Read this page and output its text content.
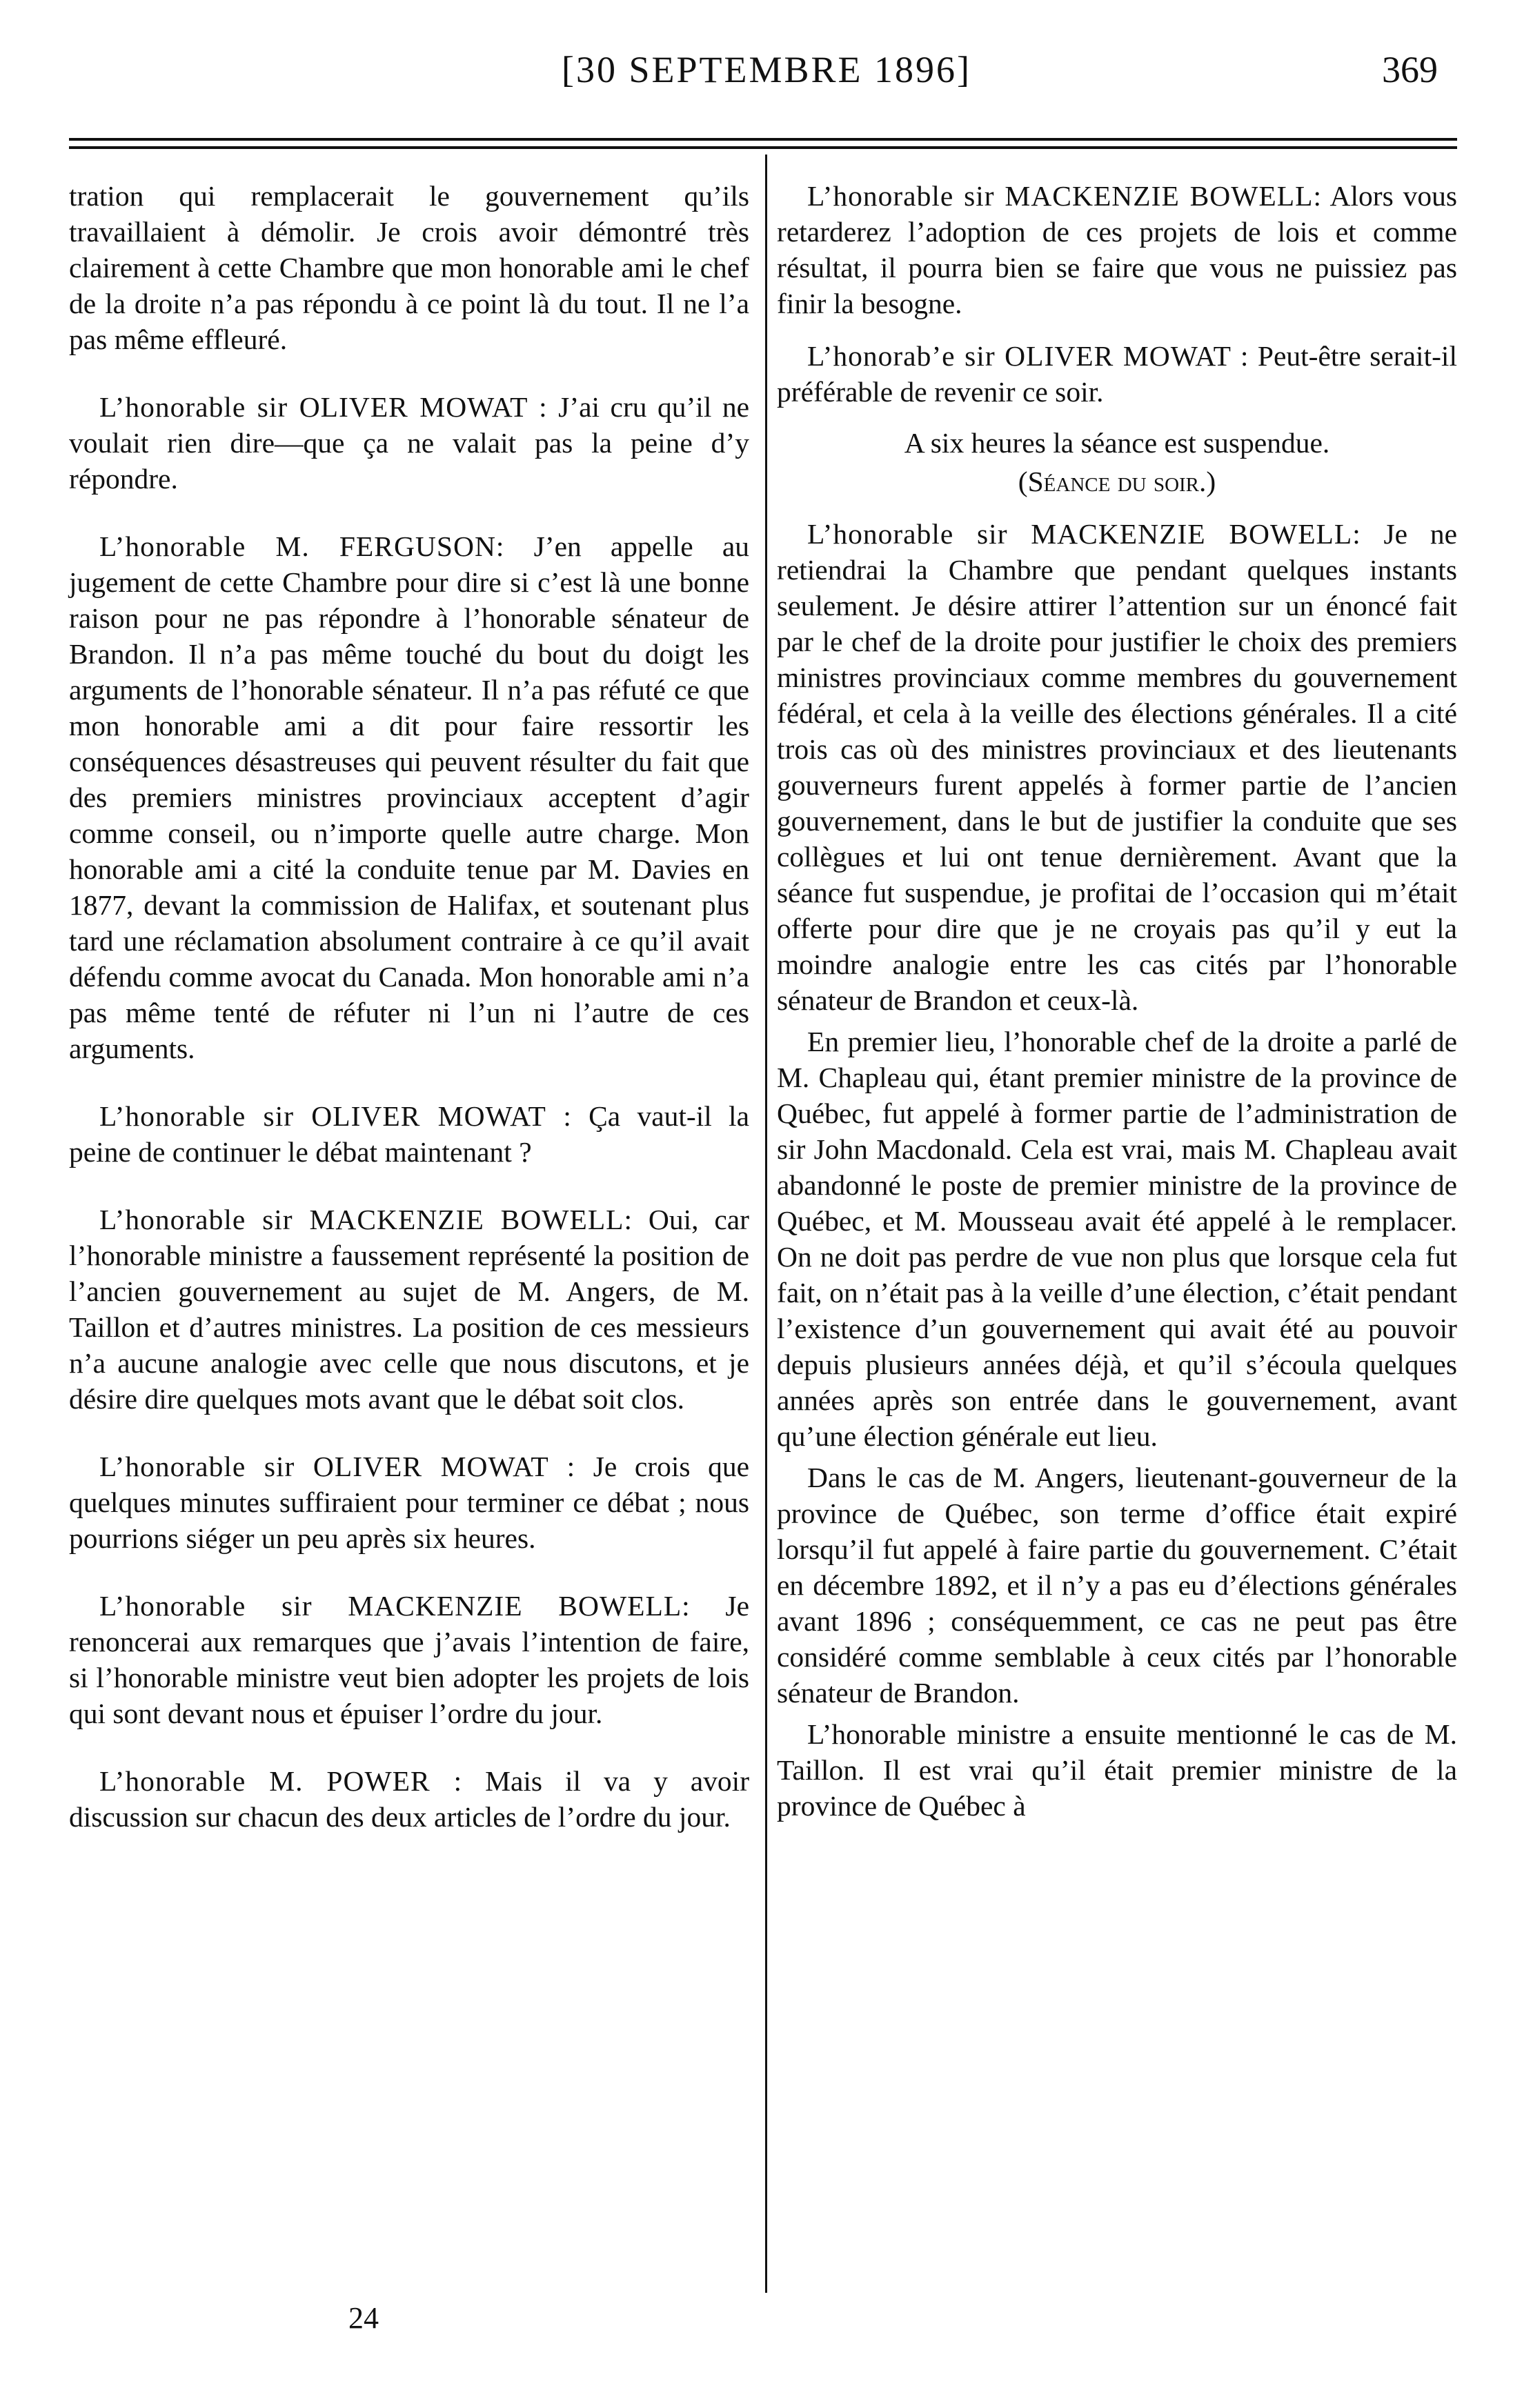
[30 SEPTEMBRE 1896]	369

tration qui remplacerait le gouvernement qu’ils travaillaient à démolir. Je crois avoir démontré très clairement à cette Chambre que mon honorable ami le chef de la droite n’a pas répondu à ce point là du tout. Il ne l’a pas même effleuré.

L’honorable sir OLIVER MOWAT : J’ai cru qu’il ne voulait rien dire—que ça ne valait pas la peine d’y répondre.

L’honorable M. FERGUSON: J’en appelle au jugement de cette Chambre pour dire si c’est là une bonne raison pour ne pas répondre à l’honorable sénateur de Brandon. Il n’a pas même touché du bout du doigt les arguments de l’honorable sénateur. Il n’a pas réfuté ce que mon honorable ami a dit pour faire ressortir les conséquences désastreuses qui peuvent résulter du fait que des premiers ministres provinciaux acceptent d’agir comme conseil, ou n’importe quelle autre charge. Mon honorable ami a cité la conduite tenue par M. Davies en 1877, devant la commission de Halifax, et soutenant plus tard une réclamation absolument contraire à ce qu’il avait défendu comme avocat du Canada. Mon honorable ami n’a pas même tenté de réfuter ni l’un ni l’autre de ces arguments.

L’honorable sir OLIVER MOWAT : Ça vaut-il la peine de continuer le débat maintenant ?

L’honorable sir MACKENZIE BOWELL: Oui, car l’honorable ministre a faussement représenté la position de l’ancien gouvernement au sujet de M. Angers, de M. Taillon et d’autres ministres. La position de ces messieurs n’a aucune analogie avec celle que nous discutons, et je désire dire quelques mots avant que le débat soit clos.

L’honorable sir OLIVER MOWAT : Je crois que quelques minutes suffiraient pour terminer ce débat ; nous pourrions siéger un peu après six heures.

L’honorable sir MACKENZIE BOWELL: Je renoncerai aux remarques que j’avais l’intention de faire, si l’honorable ministre veut bien adopter les projets de lois qui sont devant nous et épuiser l’ordre du jour.

L’honorable M. POWER : Mais il va y avoir discussion sur chacun des deux articles de l’ordre du jour.

L’honorable sir MACKENZIE BOWELL: Alors vous retarderez l’adoption de ces projets de lois et comme résultat, il pourra bien se faire que vous ne puissiez pas finir la besogne.

L’honorab’e sir OLIVER MOWAT : Peut-être serait-il préférable de revenir ce soir.

A six heures la séance est suspendue.

(Séance du soir.)

L’honorable sir MACKENZIE BOWELL: Je ne retiendrai la Chambre que pendant quelques instants seulement. Je désire attirer l’attention sur un énoncé fait par le chef de la droite pour justifier le choix des premiers ministres provinciaux comme membres du gouvernement fédéral, et cela à la veille des élections générales. Il a cité trois cas où des ministres provinciaux et des lieutenants gouverneurs furent appelés à former partie de l’ancien gouvernement, dans le but de justifier la conduite que ses collègues et lui ont tenue dernièrement. Avant que la séance fut suspendue, je profitai de l’occasion qui m’était offerte pour dire que je ne croyais pas qu’il y eut la moindre analogie entre les cas cités par l’honorable sénateur de Brandon et ceux-là.

En premier lieu, l’honorable chef de la droite a parlé de M. Chapleau qui, étant premier ministre de la province de Québec, fut appelé à former partie de l’administration de sir John Macdonald. Cela est vrai, mais M. Chapleau avait abandonné le poste de premier ministre de la province de Québec, et M. Mousseau avait été appelé à le remplacer. On ne doit pas perdre de vue non plus que lorsque cela fut fait, on n’était pas à la veille d’une élection, c’était pendant l’existence d’un gouvernement qui avait été au pouvoir depuis plusieurs années déjà, et qu’il s’écoula quelques années après son entrée dans le gouvernement, avant qu’une élection générale eut lieu.

Dans le cas de M. Angers, lieutenant-gouverneur de la province de Québec, son terme d’office était expiré lorsqu’il fut appelé à faire partie du gouvernement. C’était en décembre 1892, et il n’y a pas eu d’élections générales avant 1896 ; conséquemment, ce cas ne peut pas être considéré comme semblable à ceux cités par l’honorable sénateur de Brandon.

L’honorable ministre a ensuite mentionné le cas de M. Taillon. Il est vrai qu’il était premier ministre de la province de Québec à

24
